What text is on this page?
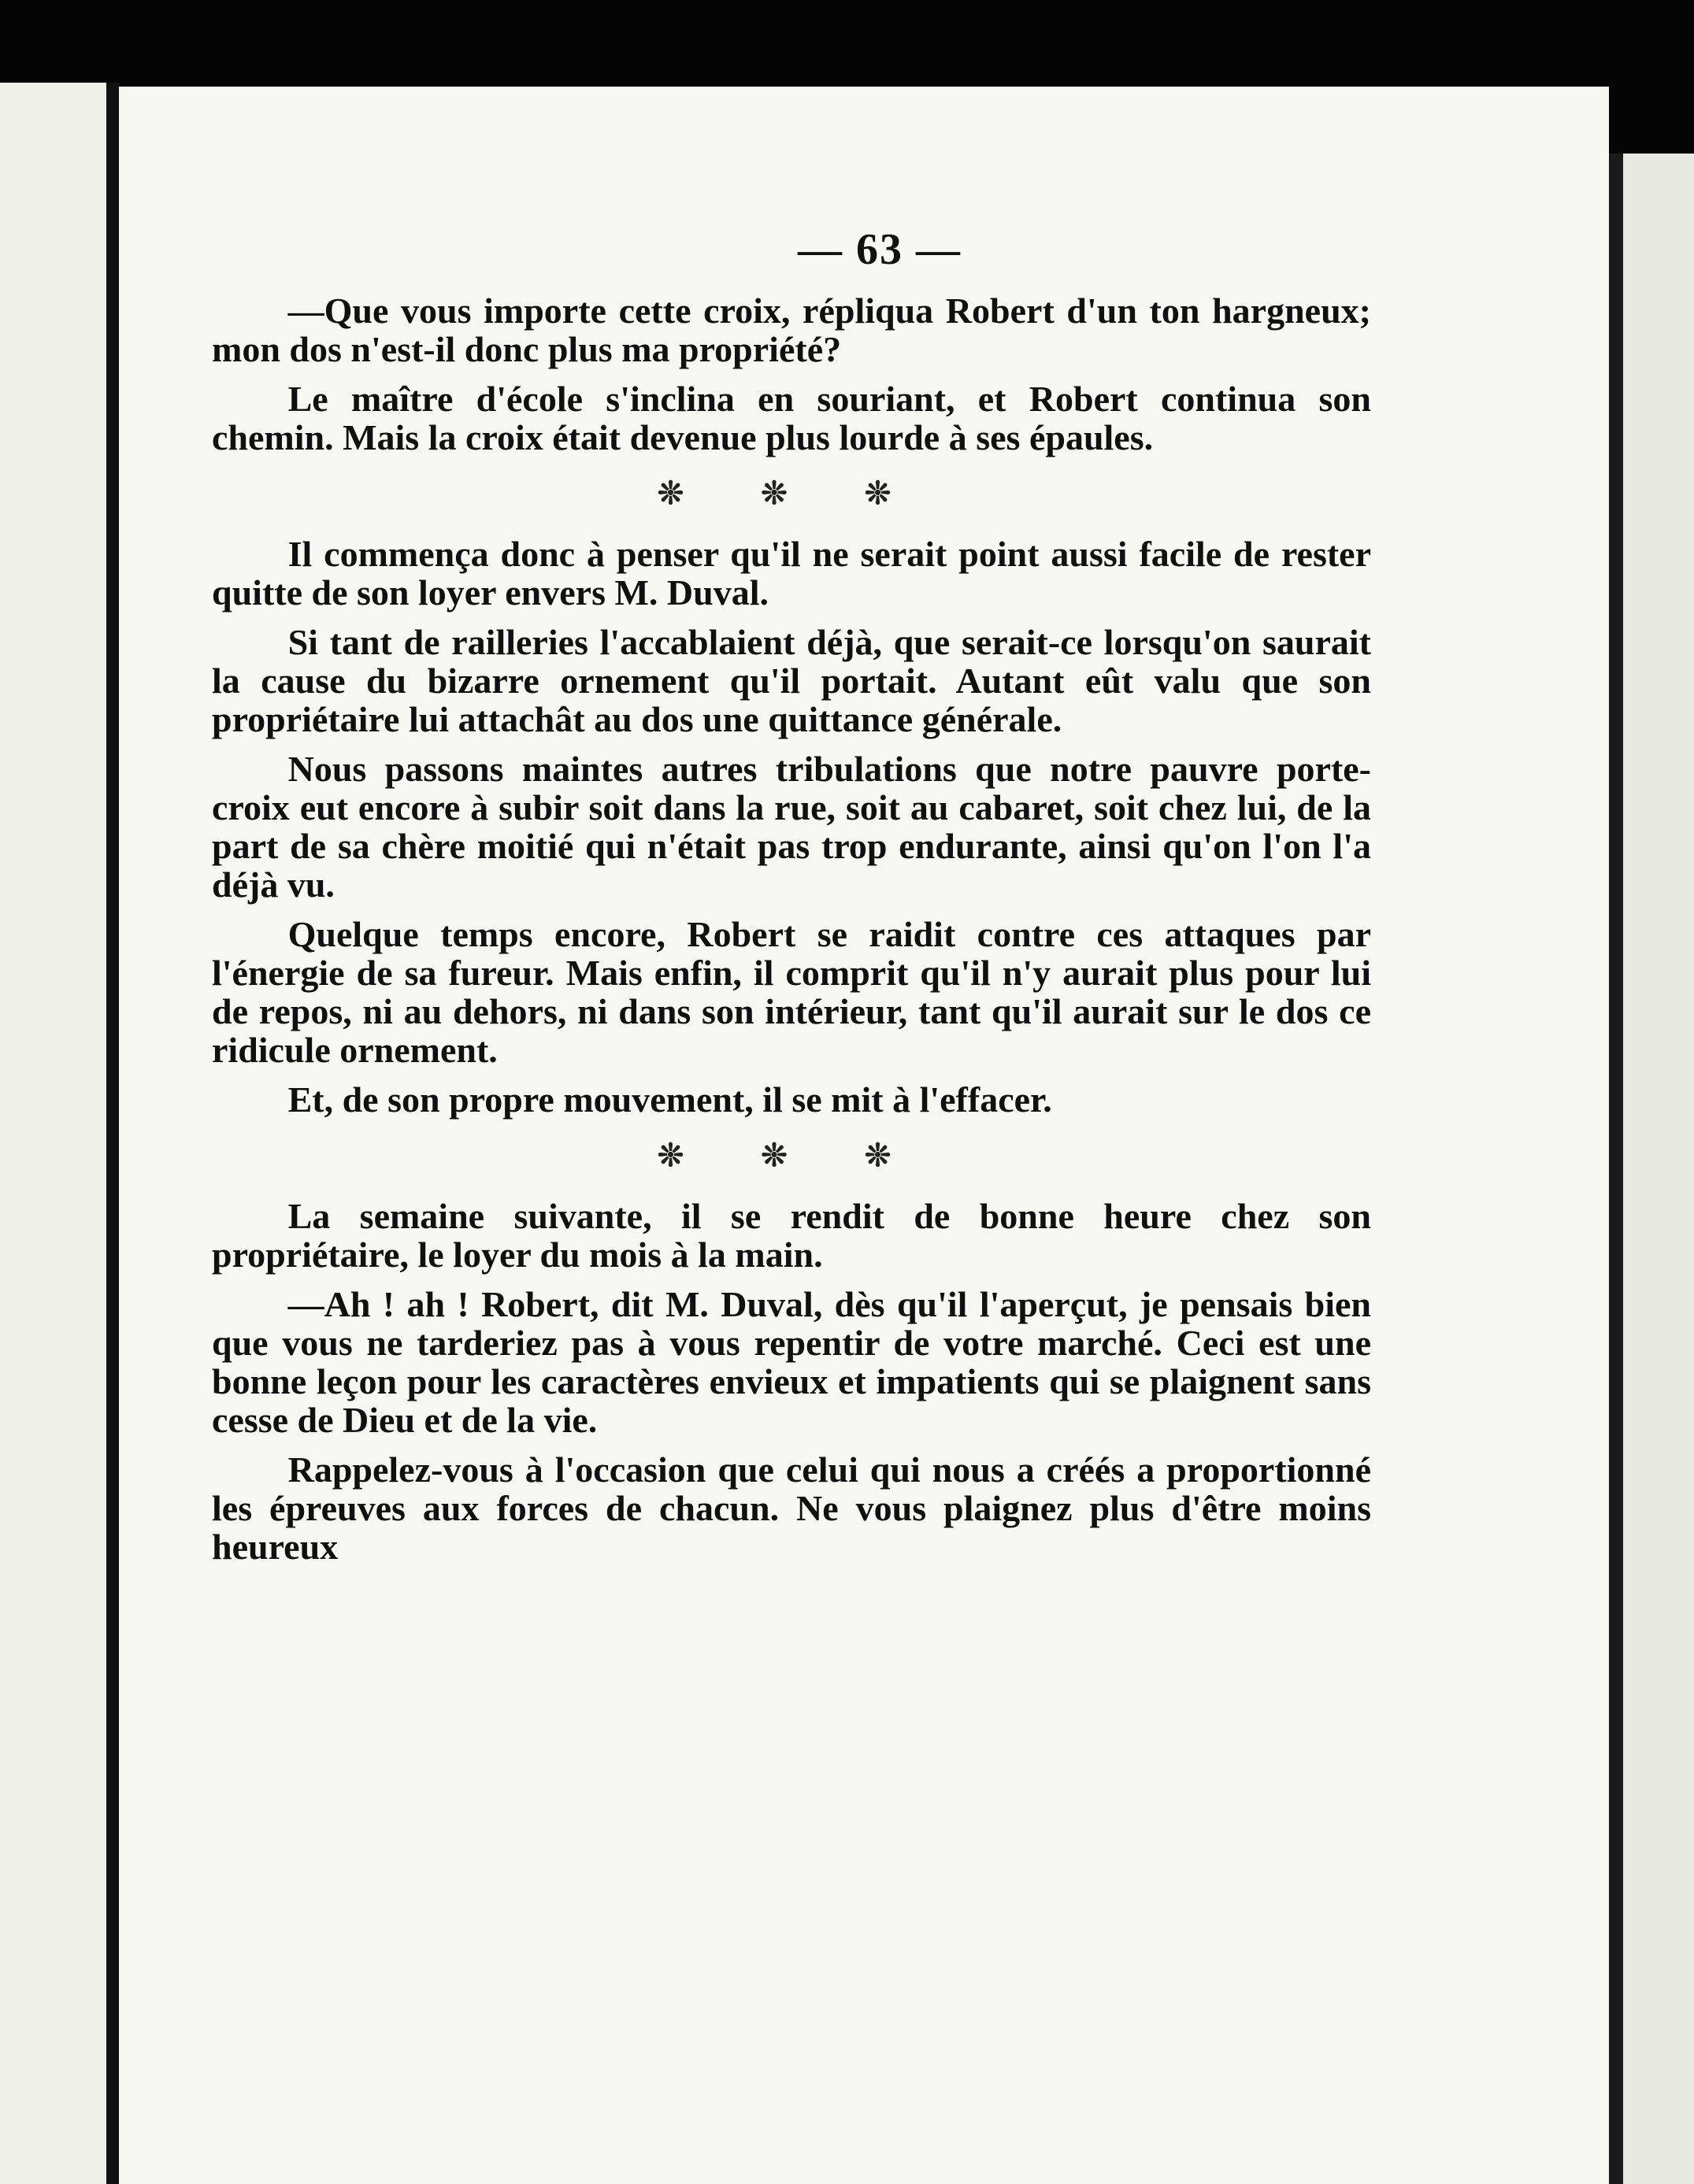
— 63 —

—Que vous importe cette croix, répliqua Robert d'un ton hargneux; mon dos n'est-il donc plus ma propriété?

Le maître d'école s'inclina en souriant, et Robert continua son chemin. Mais la croix était devenue plus lourde à ses épaules.

❊ ❊ ❊

Il commença donc à penser qu'il ne serait point aussi facile de rester quitte de son loyer envers M. Duval.

Si tant de railleries l'accablaient déjà, que serait-ce lorsqu'on saurait la cause du bizarre ornement qu'il portait. Autant eût valu que son propriétaire lui attachât au dos une quittance générale.

Nous passons maintes autres tribulations que notre pauvre porte-croix eut encore à subir soit dans la rue, soit au cabaret, soit chez lui, de la part de sa chère moitié qui n'était pas trop endurante, ainsi qu'on l'on l'a déjà vu.

Quelque temps encore, Robert se raidit contre ces attaques par l'énergie de sa fureur. Mais enfin, il comprit qu'il n'y aurait plus pour lui de repos, ni au dehors, ni dans son intérieur, tant qu'il aurait sur le dos ce ridicule ornement.

Et, de son propre mouvement, il se mit à l'effacer.

❊ ❊ ❊

La semaine suivante, il se rendit de bonne heure chez son propriétaire, le loyer du mois à la main.

—Ah ! ah ! Robert, dit M. Duval, dès qu'il l'aperçut, je pensais bien que vous ne tarderiez pas à vous repentir de votre marché. Ceci est une bonne leçon pour les caractères envieux et impatients qui se plaignent sans cesse de Dieu et de la vie.

Rappelez-vous à l'occasion que celui qui nous a créés a proportionné les épreuves aux forces de chacun. Ne vous plaignez plus d'être moins heureux
